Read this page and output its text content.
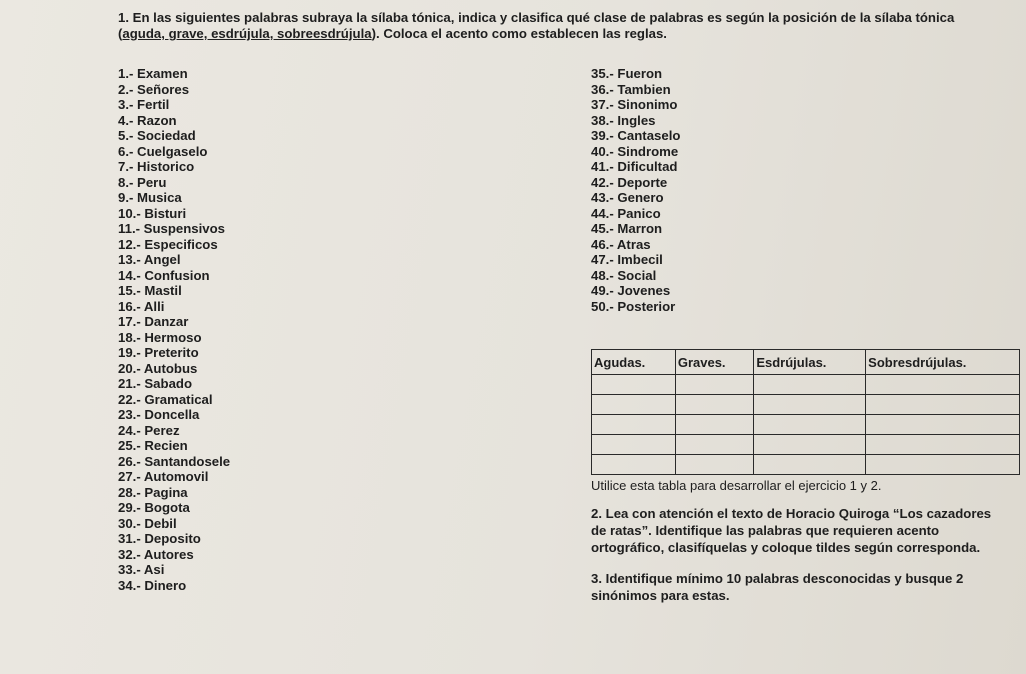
1. En las siguientes palabras subraya la sílaba tónica, indica y clasifica qué clase de palabras es según la posición de la sílaba tónica
(aguda, grave, esdrújula, sobreesdrújula). Coloca el acento como establecen las reglas.
1.- Examen
2.- Señores
3.- Fertil
4.- Razon
5.- Sociedad
6.- Cuelgaselo
7.- Historico
8.- Peru
9.- Musica
10.- Bisturi
11.- Suspensivos
12.- Especificos
13.- Angel
14.- Confusion
15.- Mastil
16.- Alli
17.- Danzar
18.- Hermoso
19.- Preterito
20.- Autobus
21.- Sabado
22.- Gramatical
23.- Doncella
24.- Perez
25.- Recien
26.- Santandosele
27.- Automovil
28.- Pagina
29.- Bogota
30.- Debil
31.- Deposito
32.- Autores
33.- Asi
34.- Dinero
35.- Fueron
36.- Tambien
37.- Sinonimo
38.- Ingles
39.- Cantaselo
40.- Sindrome
41.- Dificultad
42.- Deporte
43.- Genero
44.- Panico
45.- Marron
46.- Atras
47.- Imbecil
48.- Social
49.- Jovenes
50.- Posterior
Agudas.	Graves.	Esdrújulas.	Sobresdrújulas.

Utilice esta tabla para desarrollar el ejercicio 1 y 2.
2. Lea con atención el texto de Horacio Quiroga “Los cazadores
de ratas”. Identifique las palabras que requieren acento
ortográfico, clasifíquelas y coloque tildes según corresponda.
3. Identifique mínimo 10 palabras desconocidas y busque 2
sinónimos para estas.
